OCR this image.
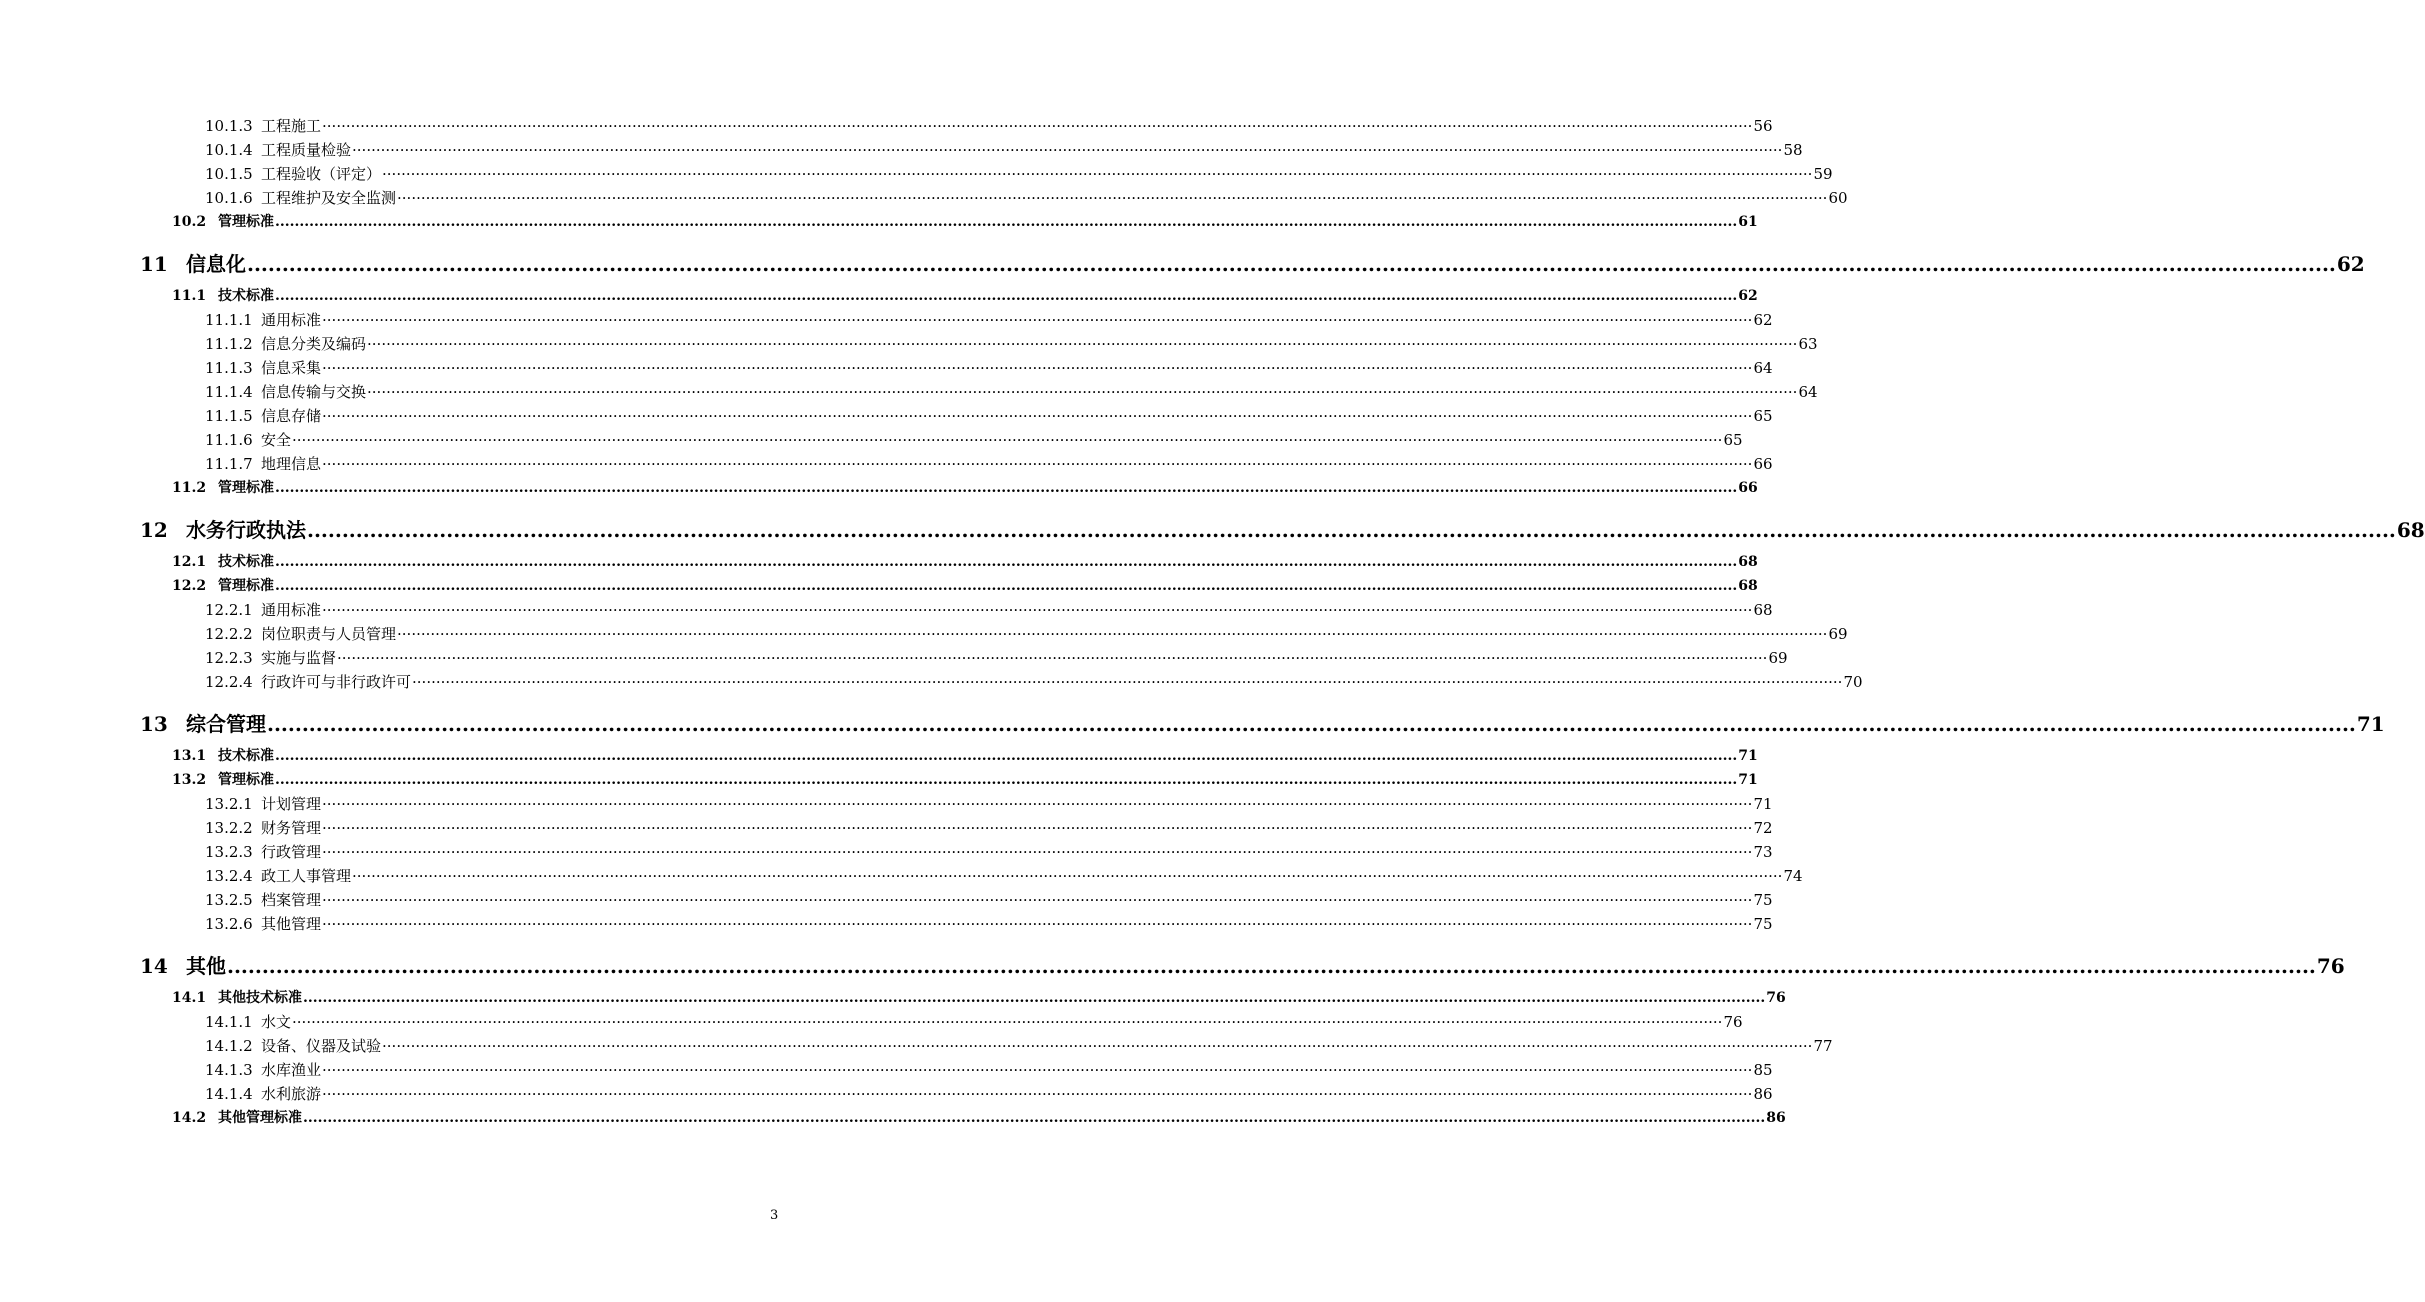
10.1.3 工程施工 ············································································································································································································································································································ 56
10.1.4 工程质量检验 ············································································································································································································································································································ 58
10.1.5 工程验收（评定） ············································································································································································································································································································ 59
10.1.6 工程维护及安全监测 ············································································································································································································································································································ 60
10.2 管理标准 ............................................................................................................................................................................................................................................................................................................ 61
11 信息化 ............................................................................................................................................................................................................................................................................................................ 62
11.1 技术标准 ............................................................................................................................................................................................................................................................................................................ 62
11.1.1 通用标准 ············································································································································································································································································································ 62
11.1.2 信息分类及编码 ············································································································································································································································································································ 63
11.1.3 信息采集 ············································································································································································································································································································ 64
11.1.4 信息传输与交换 ············································································································································································································································································································ 64
11.1.5 信息存储 ············································································································································································································································································································ 65
11.1.6 安全 ············································································································································································································································································································ 65
11.1.7 地理信息 ············································································································································································································································································································ 66
11.2 管理标准 ............................................................................................................................................................................................................................................................................................................ 66
12 水务行政执法 ............................................................................................................................................................................................................................................................................................................ 68
12.1 技术标准 ............................................................................................................................................................................................................................................................................................................ 68
12.2 管理标准 ............................................................................................................................................................................................................................................................................................................ 68
12.2.1 通用标准 ············································································································································································································································································································ 68
12.2.2 岗位职责与人员管理 ············································································································································································································································································································ 69
12.2.3 实施与监督 ············································································································································································································································································································ 69
12.2.4 行政许可与非行政许可 ············································································································································································································································································································ 70
13 综合管理 ............................................................................................................................................................................................................................................................................................................ 71
13.1 技术标准 ............................................................................................................................................................................................................................................................................................................ 71
13.2 管理标准 ............................................................................................................................................................................................................................................................................................................ 71
13.2.1 计划管理 ············································································································································································································································································································ 71
13.2.2 财务管理 ············································································································································································································································································································ 72
13.2.3 行政管理 ············································································································································································································································································································ 73
13.2.4 政工人事管理 ············································································································································································································································································································ 74
13.2.5 档案管理 ············································································································································································································································································································ 75
13.2.6 其他管理 ············································································································································································································································································································ 75
14 其他 ............................................................................................................................................................................................................................................................................................................ 76
14.1 其他技术标准 ............................................................................................................................................................................................................................................................................................................ 76
14.1.1 水文 ············································································································································································································································································································ 76
14.1.2 设备、仪器及试验 ············································································································································································································································································································ 77
14.1.3 水库渔业 ············································································································································································································································································································ 85
14.1.4 水利旅游 ············································································································································································································································································································ 86
14.2 其他管理标准 ............................................................................................................................................................................................................................................................................................................ 86
3
